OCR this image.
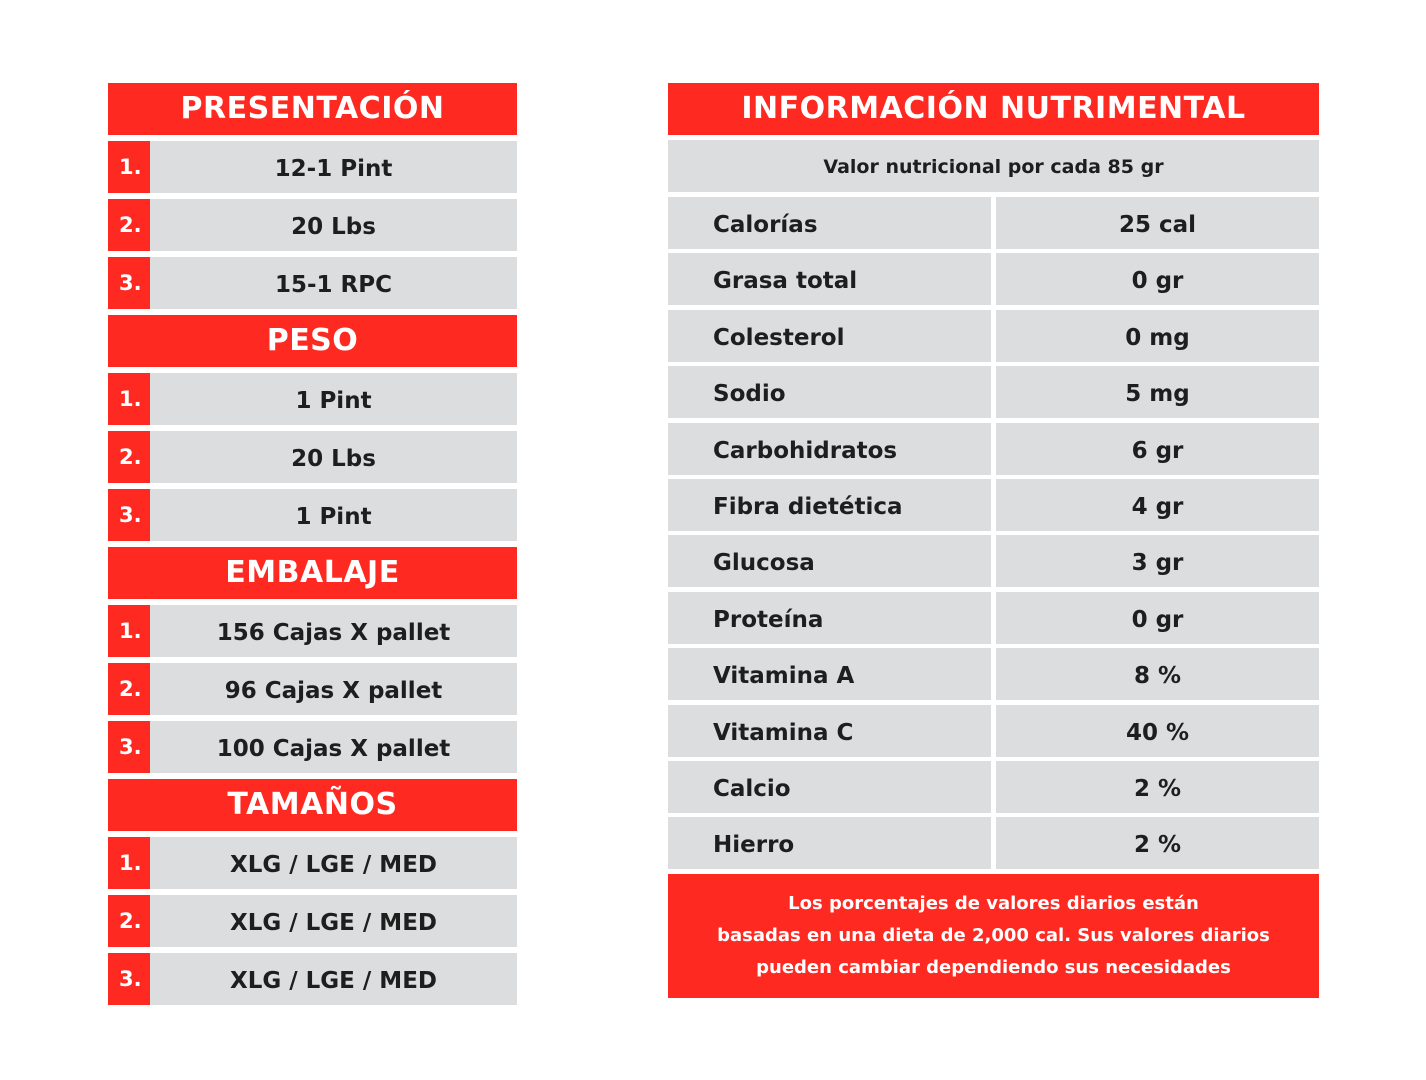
PRESENTACIÓN
1.	12-1 Pint
2.	20 Lbs
3.	15-1 RPC
PESO
1.	1 Pint
2.	20 Lbs
3.	1 Pint
EMBALAJE
1.	156 Cajas X pallet
2.	96 Cajas X pallet
3.	100 Cajas X pallet
TAMAÑOS
1.	XLG / LGE / MED
2.	XLG / LGE / MED
3.	XLG / LGE / MED
INFORMACIÓN NUTRIMENTAL
Valor nutricional por cada 85 gr
Calorías	25 cal
Grasa total	0 gr
Colesterol	0 mg
Sodio	5 mg
Carbohidratos	6 gr
Fibra dietética	4 gr
Glucosa	3 gr
Proteína	0 gr
Vitamina A	8 %
Vitamina C	40 %
Calcio	2 %
Hierro	2 %
Los porcentajes de valores diarios están
basadas en una dieta de 2,000 cal. Sus valores diarios
pueden cambiar dependiendo sus necesidades
